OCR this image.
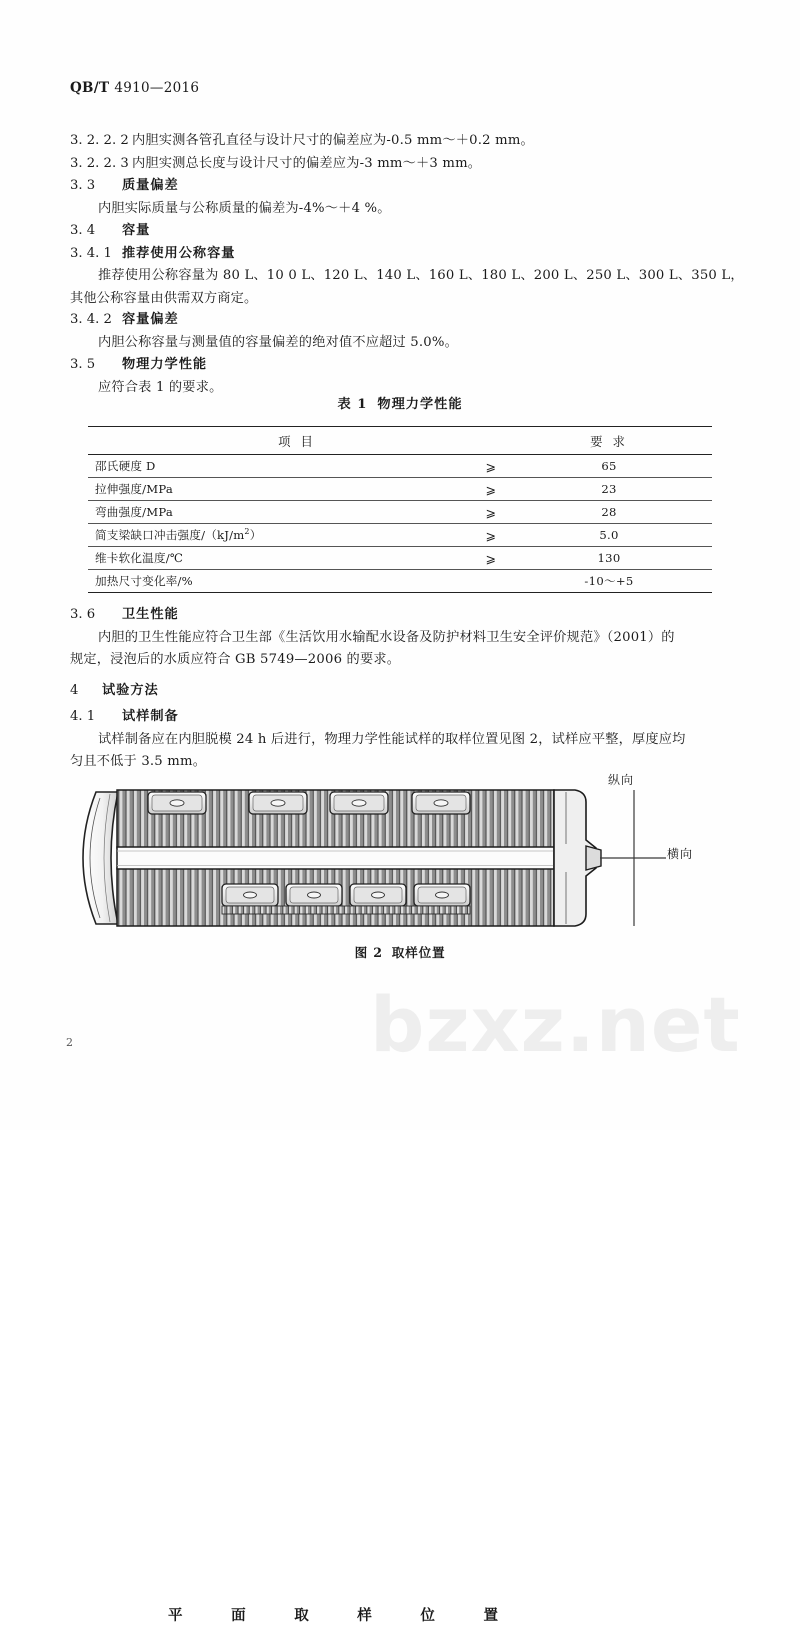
bzxz.net
QB/T 4910—2016
3. 2. 2. 2 内胆实测各管孔直径与设计尺寸的偏差应为-0.5 mm～＋0.2 mm。
3. 2. 2. 3 内胆实测总长度与设计尺寸的偏差应为-3 mm～＋3 mm。
3. 3 质量偏差
内胆实际质量与公称质量的偏差为-4%～＋4 %。
3. 4 容量
3. 4. 1 推荐使用公称容量
推荐使用公称容量为 80 L、10 0 L、120 L、140 L、160 L、180 L、200 L、250 L、300 L、350 L，
其他公称容量由供需双方商定。
3. 4. 2 容量偏差
内胆公称容量与测量值的容量偏差的绝对值不应超过 5.0%。
3. 5 物理力学性能
应符合表 1 的要求。
表 1 物理力学性能
项 目		要 求
邵氏硬度 D	⩾	65
拉伸强度/MPa	⩾	23
弯曲强度/MPa	⩾	28
简支梁缺口冲击强度$/(kJ/m^2)$	⩾	5.0
维卡软化温度/℃	⩾	130
加热尺寸变化率/%		-10～+5
3. 6 卫生性能
内胆的卫生性能应符合卫生部《生活饮用水输配水设备及防护材料卫生安全评价规范》（2001）的
规定，浸泡后的水质应符合 GB 5749—2006 的要求。
4 试验方法
4. 1 试样制备
试样制备应在内胆脱模 24 h 后进行，物理力学性能试样的取样位置见图 2，试样应平整，厚度应均
匀且不低于 3.5 mm。
平	面	取	样	位	置
纵向
横向
图 2 取样位置
2
